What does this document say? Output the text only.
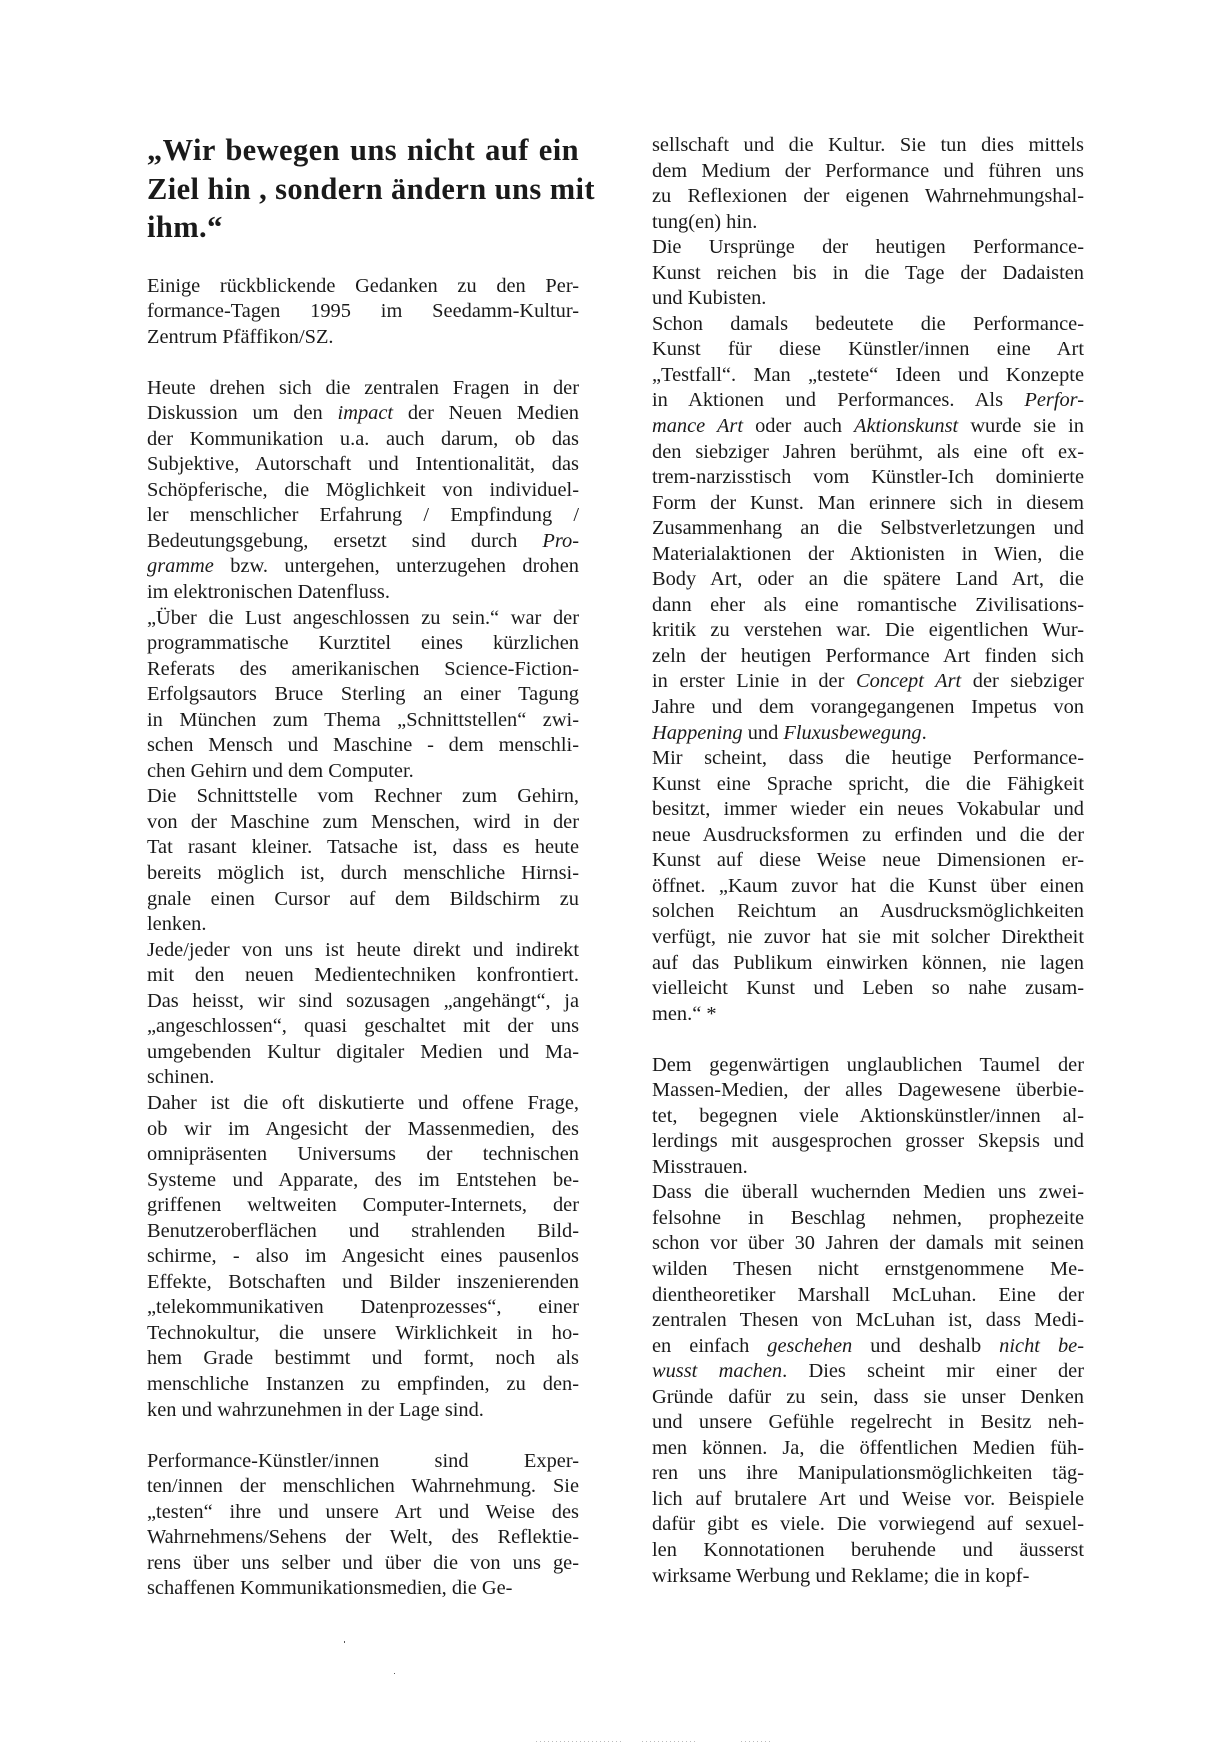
„Wir bewegen uns nicht auf ein
Ziel hin , sondern ändern uns mit
ihm.“
Einige rückblickende Gedanken zu den Per-
formance-Tagen 1995 im Seedamm-Kultur-
Zentrum Pfäffikon/SZ.
Heute drehen sich die zentralen Fragen in der
Diskussion um den impact der Neuen Medien
der Kommunikation u.a. auch darum, ob das
Subjektive, Autorschaft und Intentionalität, das
Schöpferische, die Möglichkeit von individuel-
ler menschlicher Erfahrung / Empfindung /
Bedeutungsgebung, ersetzt sind durch Pro-
gramme bzw. untergehen, unterzugehen drohen
im elektronischen Datenfluss.
„Über die Lust angeschlossen zu sein.“ war der
programmatische Kurztitel eines kürzlichen
Referats des amerikanischen Science-Fiction-
Erfolgsautors Bruce Sterling an einer Tagung
in München zum Thema „Schnittstellen“ zwi-
schen Mensch und Maschine - dem menschli-
chen Gehirn und dem Computer.
Die Schnittstelle vom Rechner zum Gehirn,
von der Maschine zum Menschen, wird in der
Tat rasant kleiner. Tatsache ist, dass es heute
bereits möglich ist, durch menschliche Hirnsi-
gnale einen Cursor auf dem Bildschirm zu
lenken.
Jede/jeder von uns ist heute direkt und indirekt
mit den neuen Medientechniken konfrontiert.
Das heisst, wir sind sozusagen „angehängt“, ja
„angeschlossen“, quasi geschaltet mit der uns
umgebenden Kultur digitaler Medien und Ma-
schinen.
Daher ist die oft diskutierte und offene Frage,
ob wir im Angesicht der Massenmedien, des
omnipräsenten Universums der technischen
Systeme und Apparate, des im Entstehen be-
griffenen weltweiten Computer-Internets, der
Benutzeroberflächen und strahlenden Bild-
schirme, - also im Angesicht eines pausenlos
Effekte, Botschaften und Bilder inszenierenden
„telekommunikativen Datenprozesses“, einer
Technokultur, die unsere Wirklichkeit in ho-
hem Grade bestimmt und formt, noch als
menschliche Instanzen zu empfinden, zu den-
ken und wahrzunehmen in der Lage sind.
Performance-Künstler/innen sind Exper-
ten/innen der menschlichen Wahrnehmung. Sie
„testen“ ihre und unsere Art und Weise des
Wahrnehmens/Sehens der Welt, des Reflektie-
rens über uns selber und über die von uns ge-
schaffenen Kommunikationsmedien, die Ge-
sellschaft und die Kultur. Sie tun dies mittels
dem Medium der Performance und führen uns
zu Reflexionen der eigenen Wahrnehmungshal-
tung(en) hin.
Die Ursprünge der heutigen Performance-
Kunst reichen bis in die Tage der Dadaisten
und Kubisten.
Schon damals bedeutete die Performance-
Kunst für diese Künstler/innen eine Art
„Testfall“. Man „testete“ Ideen und Konzepte
in Aktionen und Performances. Als Perfor-
mance Art oder auch Aktionskunst wurde sie in
den siebziger Jahren berühmt, als eine oft ex-
trem-narzisstisch vom Künstler-Ich dominierte
Form der Kunst. Man erinnere sich in diesem
Zusammenhang an die Selbstverletzungen und
Materialaktionen der Aktionisten in Wien, die
Body Art, oder an die spätere Land Art, die
dann eher als eine romantische Zivilisations-
kritik zu verstehen war. Die eigentlichen Wur-
zeln der heutigen Performance Art finden sich
in erster Linie in der Concept Art der siebziger
Jahre und dem vorangegangenen Impetus von
Happening und Fluxusbewegung.
Mir scheint, dass die heutige Performance-
Kunst eine Sprache spricht, die die Fähigkeit
besitzt, immer wieder ein neues Vokabular und
neue Ausdrucksformen zu erfinden und die der
Kunst auf diese Weise neue Dimensionen er-
öffnet. „Kaum zuvor hat die Kunst über einen
solchen Reichtum an Ausdrucksmöglichkeiten
verfügt, nie zuvor hat sie mit solcher Direktheit
auf das Publikum einwirken können, nie lagen
vielleicht Kunst und Leben so nahe zusam-
men.“ *
Dem gegenwärtigen unglaublichen Taumel der
Massen-Medien, der alles Dagewesene überbie-
tet, begegnen viele Aktionskünstler/innen al-
lerdings mit ausgesprochen grosser Skepsis und
Misstrauen.
Dass die überall wuchernden Medien uns zwei-
felsohne in Beschlag nehmen, prophezeite
schon vor über 30 Jahren der damals mit seinen
wilden Thesen nicht ernstgenommene Me-
dientheoretiker Marshall McLuhan. Eine der
zentralen Thesen von McLuhan ist, dass Medi-
en einfach geschehen und deshalb nicht be-
wusst machen. Dies scheint mir einer der
Gründe dafür zu sein, dass sie unser Denken
und unsere Gefühle regelrecht in Besitz neh-
men können. Ja, die öffentlichen Medien füh-
ren uns ihre Manipulationsmöglichkeiten täg-
lich auf brutalere Art und Weise vor. Beispiele
dafür gibt es viele. Die vorwiegend auf sexuel-
len Konnotationen beruhende und äusserst
wirksame Werbung und Reklame; die in kopf-
